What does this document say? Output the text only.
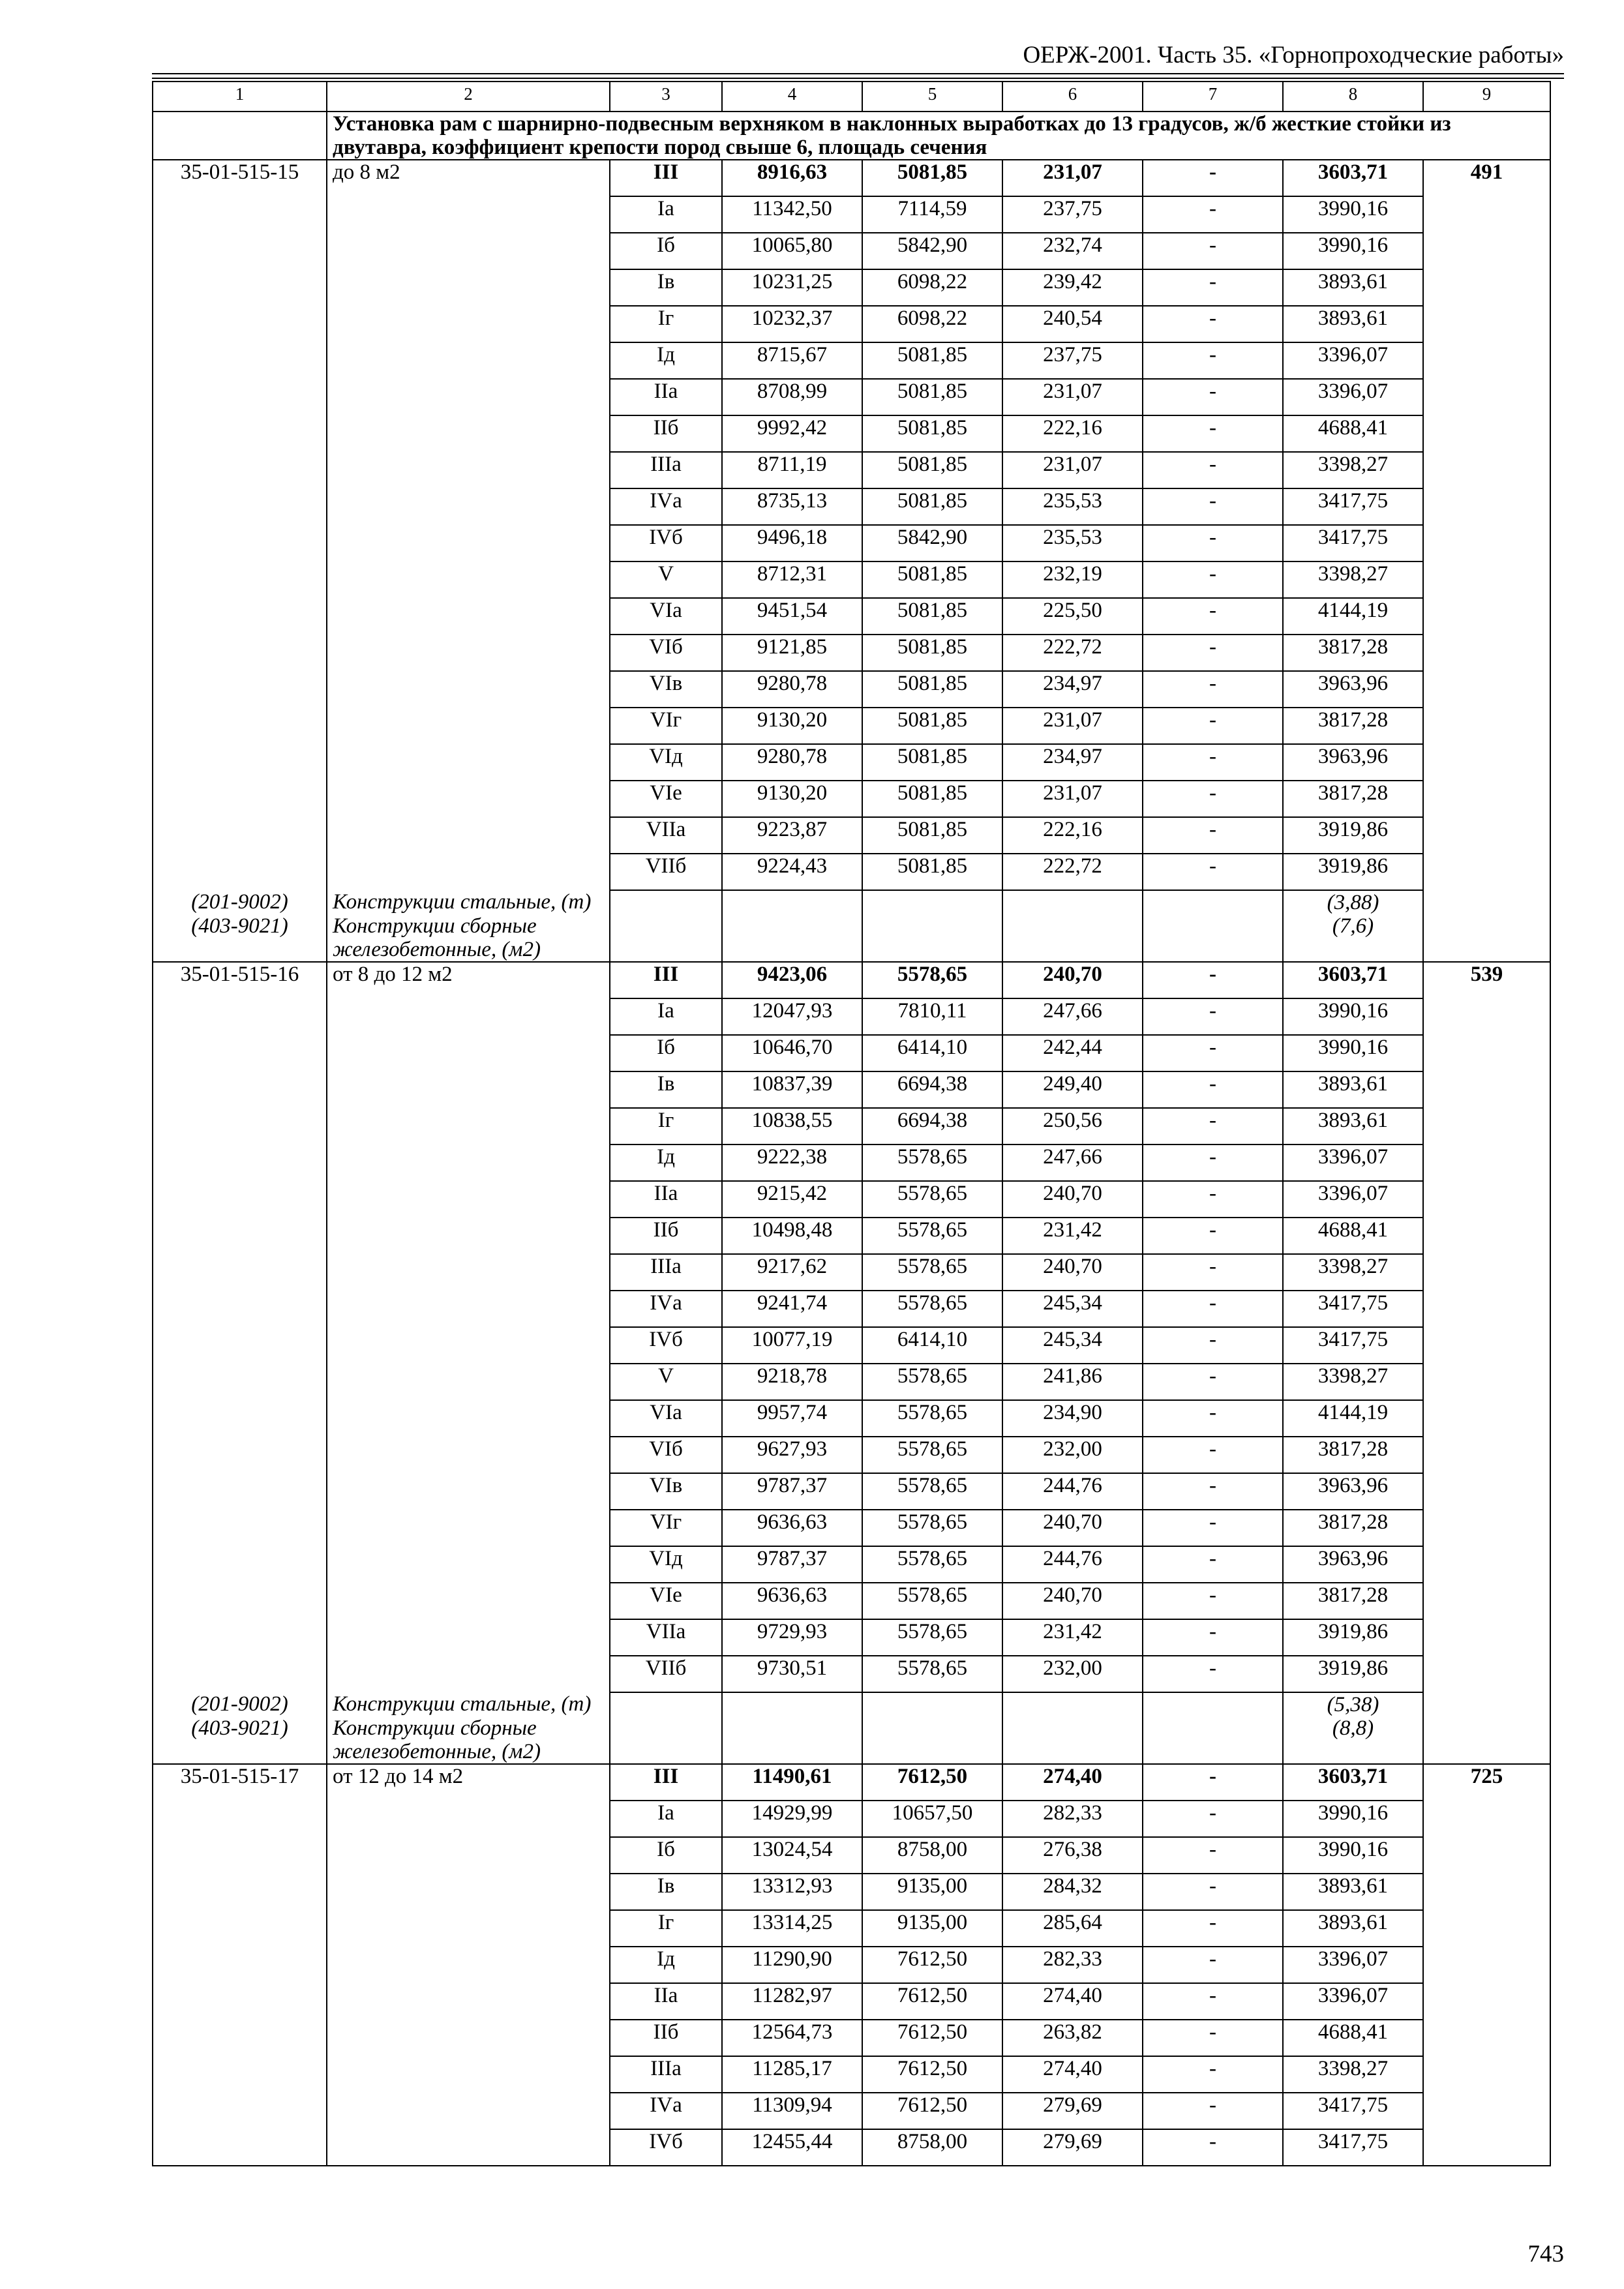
ОЕРЖ-2001. Часть 35. «Горнопроходческие работы»
1	2	3	4	5	6	7	8	9
	Установка рам с шарнирно-подвесным верхняком в наклонных выработках до 13 градусов, ж/б жесткие стойки из двутавра, коэффициент крепости пород свыше 6, площадь сечения							
35-01-515-15	до 8 м2	III	8916,63	5081,85	231,07	-	3603,71	491
		Iа	11342,50	7114,59	237,75	-	3990,16	
		Iб	10065,80	5842,90	232,74	-	3990,16	
		Iв	10231,25	6098,22	239,42	-	3893,61	
		Iг	10232,37	6098,22	240,54	-	3893,61	
		Iд	8715,67	5081,85	237,75	-	3396,07	
		IIа	8708,99	5081,85	231,07	-	3396,07	
		IIб	9992,42	5081,85	222,16	-	4688,41	
		IIIа	8711,19	5081,85	231,07	-	3398,27	
		IVа	8735,13	5081,85	235,53	-	3417,75	
		IVб	9496,18	5842,90	235,53	-	3417,75	
		V	8712,31	5081,85	232,19	-	3398,27	
		VIа	9451,54	5081,85	225,50	-	4144,19	
		VIб	9121,85	5081,85	222,72	-	3817,28	
		VIв	9280,78	5081,85	234,97	-	3963,96	
		VIг	9130,20	5081,85	231,07	-	3817,28	
		VIд	9280,78	5081,85	234,97	-	3963,96	
		VIе	9130,20	5081,85	231,07	-	3817,28	
		VIIа	9223,87	5081,85	222,16	-	3919,86	
		VIIб	9224,43	5081,85	222,72	-	3919,86	
(201-9002)	Конструкции стальные, (т)						(3,88)	
(403-9021)	Конструкции сборные железобетонные, (м2)						(7,6)	
35-01-515-16	от 8 до 12 м2	III	9423,06	5578,65	240,70	-	3603,71	539
		Iа	12047,93	7810,11	247,66	-	3990,16	
		Iб	10646,70	6414,10	242,44	-	3990,16	
		Iв	10837,39	6694,38	249,40	-	3893,61	
		Iг	10838,55	6694,38	250,56	-	3893,61	
		Iд	9222,38	5578,65	247,66	-	3396,07	
		IIа	9215,42	5578,65	240,70	-	3396,07	
		IIб	10498,48	5578,65	231,42	-	4688,41	
		IIIа	9217,62	5578,65	240,70	-	3398,27	
		IVа	9241,74	5578,65	245,34	-	3417,75	
		IVб	10077,19	6414,10	245,34	-	3417,75	
		V	9218,78	5578,65	241,86	-	3398,27	
		VIа	9957,74	5578,65	234,90	-	4144,19	
		VIб	9627,93	5578,65	232,00	-	3817,28	
		VIв	9787,37	5578,65	244,76	-	3963,96	
		VIг	9636,63	5578,65	240,70	-	3817,28	
		VIд	9787,37	5578,65	244,76	-	3963,96	
		VIе	9636,63	5578,65	240,70	-	3817,28	
		VIIа	9729,93	5578,65	231,42	-	3919,86	
		VIIб	9730,51	5578,65	232,00	-	3919,86	
(201-9002)	Конструкции стальные, (т)						(5,38)	
(403-9021)	Конструкции сборные железобетонные, (м2)						(8,8)	
35-01-515-17	от 12 до 14 м2	III	11490,61	7612,50	274,40	-	3603,71	725
		Iа	14929,99	10657,50	282,33	-	3990,16	
		Iб	13024,54	8758,00	276,38	-	3990,16	
		Iв	13312,93	9135,00	284,32	-	3893,61	
		Iг	13314,25	9135,00	285,64	-	3893,61	
		Iд	11290,90	7612,50	282,33	-	3396,07	
		IIа	11282,97	7612,50	274,40	-	3396,07	
		IIб	12564,73	7612,50	263,82	-	4688,41	
		IIIа	11285,17	7612,50	274,40	-	3398,27	
		IVа	11309,94	7612,50	279,69	-	3417,75	
		IVб	12455,44	8758,00	279,69	-	3417,75	
743
